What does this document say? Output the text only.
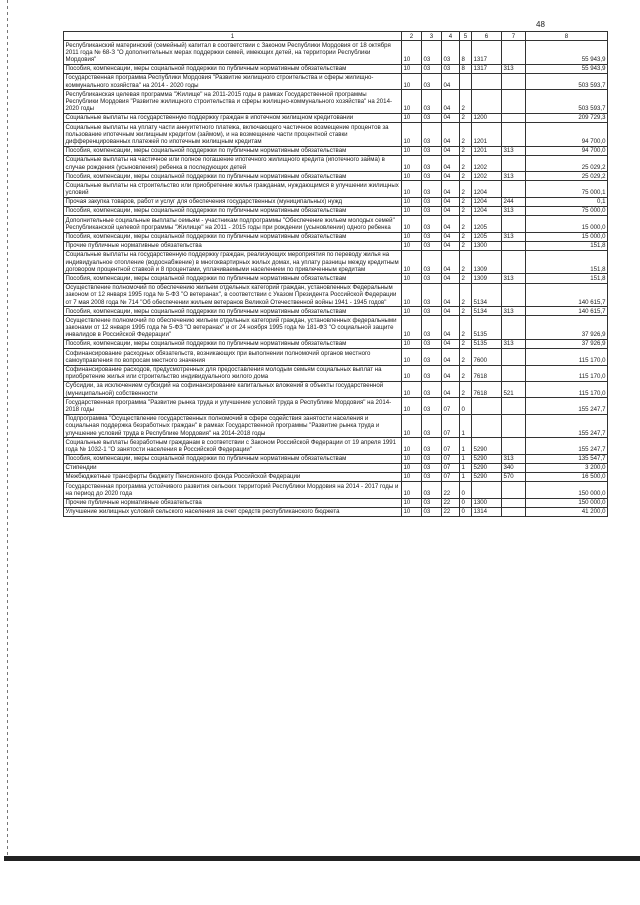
48
1	2	3	4	5	6	7	8
Республиканский материнский (семейный) капитал в соответствии с Законом Республики Мордовия от 18 октября 2011 года № 68-З "О дополнительных мерах поддержки семей, имеющих детей, на территории Республики Мордовия"	10	03	03	8	1317		55 943,9
Пособия, компенсации, меры социальной поддержки по публичным нормативным обязательствам	10	03	03	8	1317	313	55 943,9
Государственная программа Республики Мордовия "Развитие жилищного строительства и сферы жилищно-коммунального хозяйства" на 2014 - 2020 годы	10	03	04				503 593,7
Республиканская целевая программа "Жилище" на 2011-2015 годы в рамках Государственной программы Республики Мордовия "Развитие жилищного строительства и сферы жилищно-коммунального хозяйства" на 2014-2020 годы	10	03	04	2			503 593,7
Социальные выплаты на государственную поддержку граждан в ипотечном жилищном кредитовании	10	03	04	2	1200		209 729,3
Социальные выплаты на уплату части аннуитетного платежа, включающего частичное возмещение процентов за пользование ипотечным жилищным кредитом (займом), и на возмещение части процентной ставки дифференцированных платежей по ипотечным жилищным кредитам	10	03	04	2	1201		94 700,0
Пособия, компенсации, меры социальной поддержки по публичным нормативным обязательствам	10	03	04	2	1201	313	94 700,0
Социальные выплаты на частичное или полное погашение ипотечного жилищного кредита (ипотечного займа) в случае рождения (усыновления) ребенка в последующих детей	10	03	04	2	1202		25 029,2
Пособия, компенсации, меры социальной поддержки по публичным нормативным обязательствам	10	03	04	2	1202	313	25 029,2
Социальные выплаты на строительство или приобретение жилья гражданам, нуждающимся в улучшении жилищных условий	10	03	04	2	1204		75 000,1
Прочая закупка товаров, работ и услуг для обеспечения государственных (муниципальных) нужд	10	03	04	2	1204	244	0,1
Пособия, компенсации, меры социальной поддержки по публичным нормативным обязательствам	10	03	04	2	1204	313	75 000,0
Дополнительные социальные выплаты семьям - участникам подпрограммы "Обеспечение жильем молодых семей" Республиканской целевой программы "Жилище" на 2011 - 2015 годы при рождении (усыновлении) одного ребенка	10	03	04	2	1205		15 000,0
Пособия, компенсации, меры социальной поддержки по публичным нормативным обязательствам	10	03	04	2	1205	313	15 000,0
Прочие публичные нормативные обязательства	10	03	04	2	1300		151,8
Социальные выплаты на государственную поддержку граждан, реализующих мероприятия по переводу жилья на индивидуальное отопление (водоснабжение) в многоквартирных жилых домах, на уплату разницы между кредитным договором процентной ставкой и 8 процентами, уплачиваемыми населением по привлеченным кредитам	10	03	04	2	1309		151,8
Пособия, компенсации, меры социальной поддержки по публичным нормативным обязательствам	10	03	04	2	1309	313	151,8
Осуществление полномочий по обеспечению жильем отдельных категорий граждан, установленных Федеральным законом от 12 января 1995 года № 5-ФЗ "О ветеранах", в соответствии с Указом Президента Российской Федерации от 7 мая 2008 года № 714 "Об обеспечении жильем ветеранов Великой Отечественной войны 1941 - 1945 годов"	10	03	04	2	5134		140 615,7
Пособия, компенсации, меры социальной поддержки по публичным нормативным обязательствам	10	03	04	2	5134	313	140 615,7
Осуществление полномочий по обеспечению жильем отдельных категорий граждан, установленных федеральными законами от 12 января 1995 года № 5-ФЗ "О ветеранах" и от 24 ноября 1995 года № 181-ФЗ "О социальной защите инвалидов в Российской Федерации"	10	03	04	2	5135		37 926,9
Пособия, компенсации, меры социальной поддержки по публичным нормативным обязательствам	10	03	04	2	5135	313	37 926,9
Софинансирование расходных обязательств, возникающих при выполнении полномочий органов местного самоуправления по вопросам местного значения	10	03	04	2	7600		115 170,0
Софинансирование расходов, предусмотренных для предоставления молодым семьям социальных выплат на приобретение жилья или строительство индивидуального жилого дома	10	03	04	2	7618		115 170,0
Субсидии, за исключением субсидий на софинансирование капитальных вложений в объекты государственной (муниципальной) собственности	10	03	04	2	7618	521	115 170,0
Государственная программа "Развитие рынка труда и улучшение условий труда в Республике Мордовия" на 2014-2018 годы	10	03	07	0			155 247,7
Подпрограмма "Осуществление государственных полномочий в сфере содействия занятости населения и социальная поддержка безработных граждан" в рамках Государственной программы "Развитие рынка труда и улучшение условий труда в Республике Мордовия" на 2014-2018 годы	10	03	07	1			155 247,7
Социальные выплаты безработным гражданам в соответствии с Законом Российской Федерации от 19 апреля 1991 года № 1032-1 "О занятости населения в Российской Федерации"	10	03	07	1	5290		155 247,7
Пособия, компенсации, меры социальной поддержки по публичным нормативным обязательствам	10	03	07	1	5290	313	135 547,7
Стипендии	10	03	07	1	5290	340	3 200,0
Межбюджетные трансферты бюджету Пенсионного фонда Российской Федерации	10	03	07	1	5290	570	16 500,0
Государственная программа устойчивого развития сельских территорий Республики Мордовия на 2014 - 2017 годы и на период до 2020 года	10	03	22	0			150 000,0
Прочие публичные нормативные обязательства	10	03	22	0	1300		150 000,0
Улучшение жилищных условий сельского населения за счет средств республиканского бюджета	10	03	22	0	1314		41 200,0
